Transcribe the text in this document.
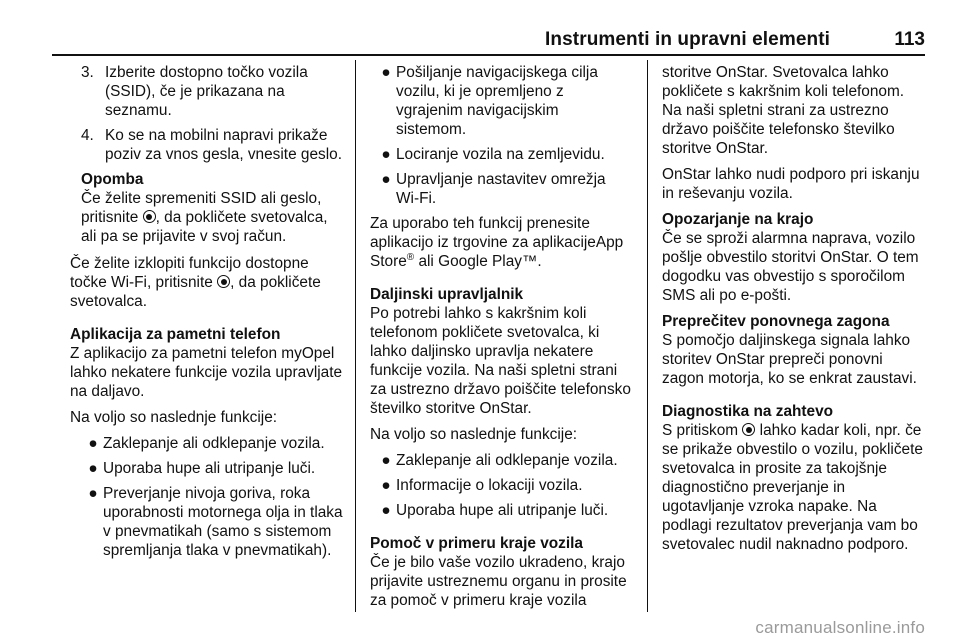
Instrumenti in upravni elementi	113
3. Izberite dostopno točko vozila (SSID), če je prikazana na seznamu.
4. Ko se na mobilni napravi prikaže poziv za vnos gesla, vnesite geslo.

Opomba

Če želite spremeniti SSID ali geslo, pritisnite , da pokličete svetovalca, ali pa se prijavite v svoj račun.

Če želite izklopiti funkcijo dostopne točke Wi-Fi, pritisnite , da pokličete svetovalca.

Aplikacija za pametni telefon

Z aplikacijo za pametni telefon myOpel lahko nekatere funkcije vozila upravljate na daljavo.

Na voljo so naslednje funkcije:

● Zaklepanje ali odklepanje vozila.
● Uporaba hupe ali utripanje luči.
● Preverjanje nivoja goriva, roka uporabnosti motornega olja in tlaka v pnevmatikah (samo s sistemom spremljanja tlaka v pnevmatikah).
● Pošiljanje navigacijskega cilja vozilu, ki je opremljeno z vgrajenim navigacijskim sistemom.
● Lociranje vozila na zemljevidu.
● Upravljanje nastavitev omrežja Wi-Fi.

Za uporabo teh funkcij prenesite aplikacijo iz trgovine za aplikacijeApp Store® ali Google Play™.

Daljinski upravljalnik

Po potrebi lahko s kakršnim koli telefonom pokličete svetovalca, ki lahko daljinsko upravlja nekatere funkcije vozila. Na naši spletni strani za ustrezno državo poiščite telefonsko številko storitve OnStar.

Na voljo so naslednje funkcije:

● Zaklepanje ali odklepanje vozila.
● Informacije o lokaciji vozila.
● Uporaba hupe ali utripanje luči.

Pomoč v primeru kraje vozila

Če je bilo vaše vozilo ukradeno, krajo prijavite ustreznemu organu in prosite za pomoč v primeru kraje vozila

storitve OnStar. Svetovalca lahko pokličete s kakršnim koli telefonom. Na naši spletni strani za ustrezno državo poiščite telefonsko številko storitve OnStar.

OnStar lahko nudi podporo pri iskanju in reševanju vozila.

Opozarjanje na krajo

Če se sproži alarmna naprava, vozilo pošlje obvestilo storitvi OnStar. O tem dogodku vas obvestijo s sporočilom SMS ali po e-pošti.

Preprečitev ponovnega zagona

S pomočjo daljinskega signala lahko storitev OnStar prepreči ponovni zagon motorja, ko se enkrat zaustavi.

Diagnostika na zahtevo

S pritiskom  lahko kadar koli, npr. če se prikaže obvestilo o vozilu, pokličete svetovalca in prosite za takojšnje diagnostično preverjanje in ugotavljanje vzroka napake. Na podlagi rezultatov preverjanja vam bo svetovalec nudil naknadno podporo.

carmanualsonline.info
